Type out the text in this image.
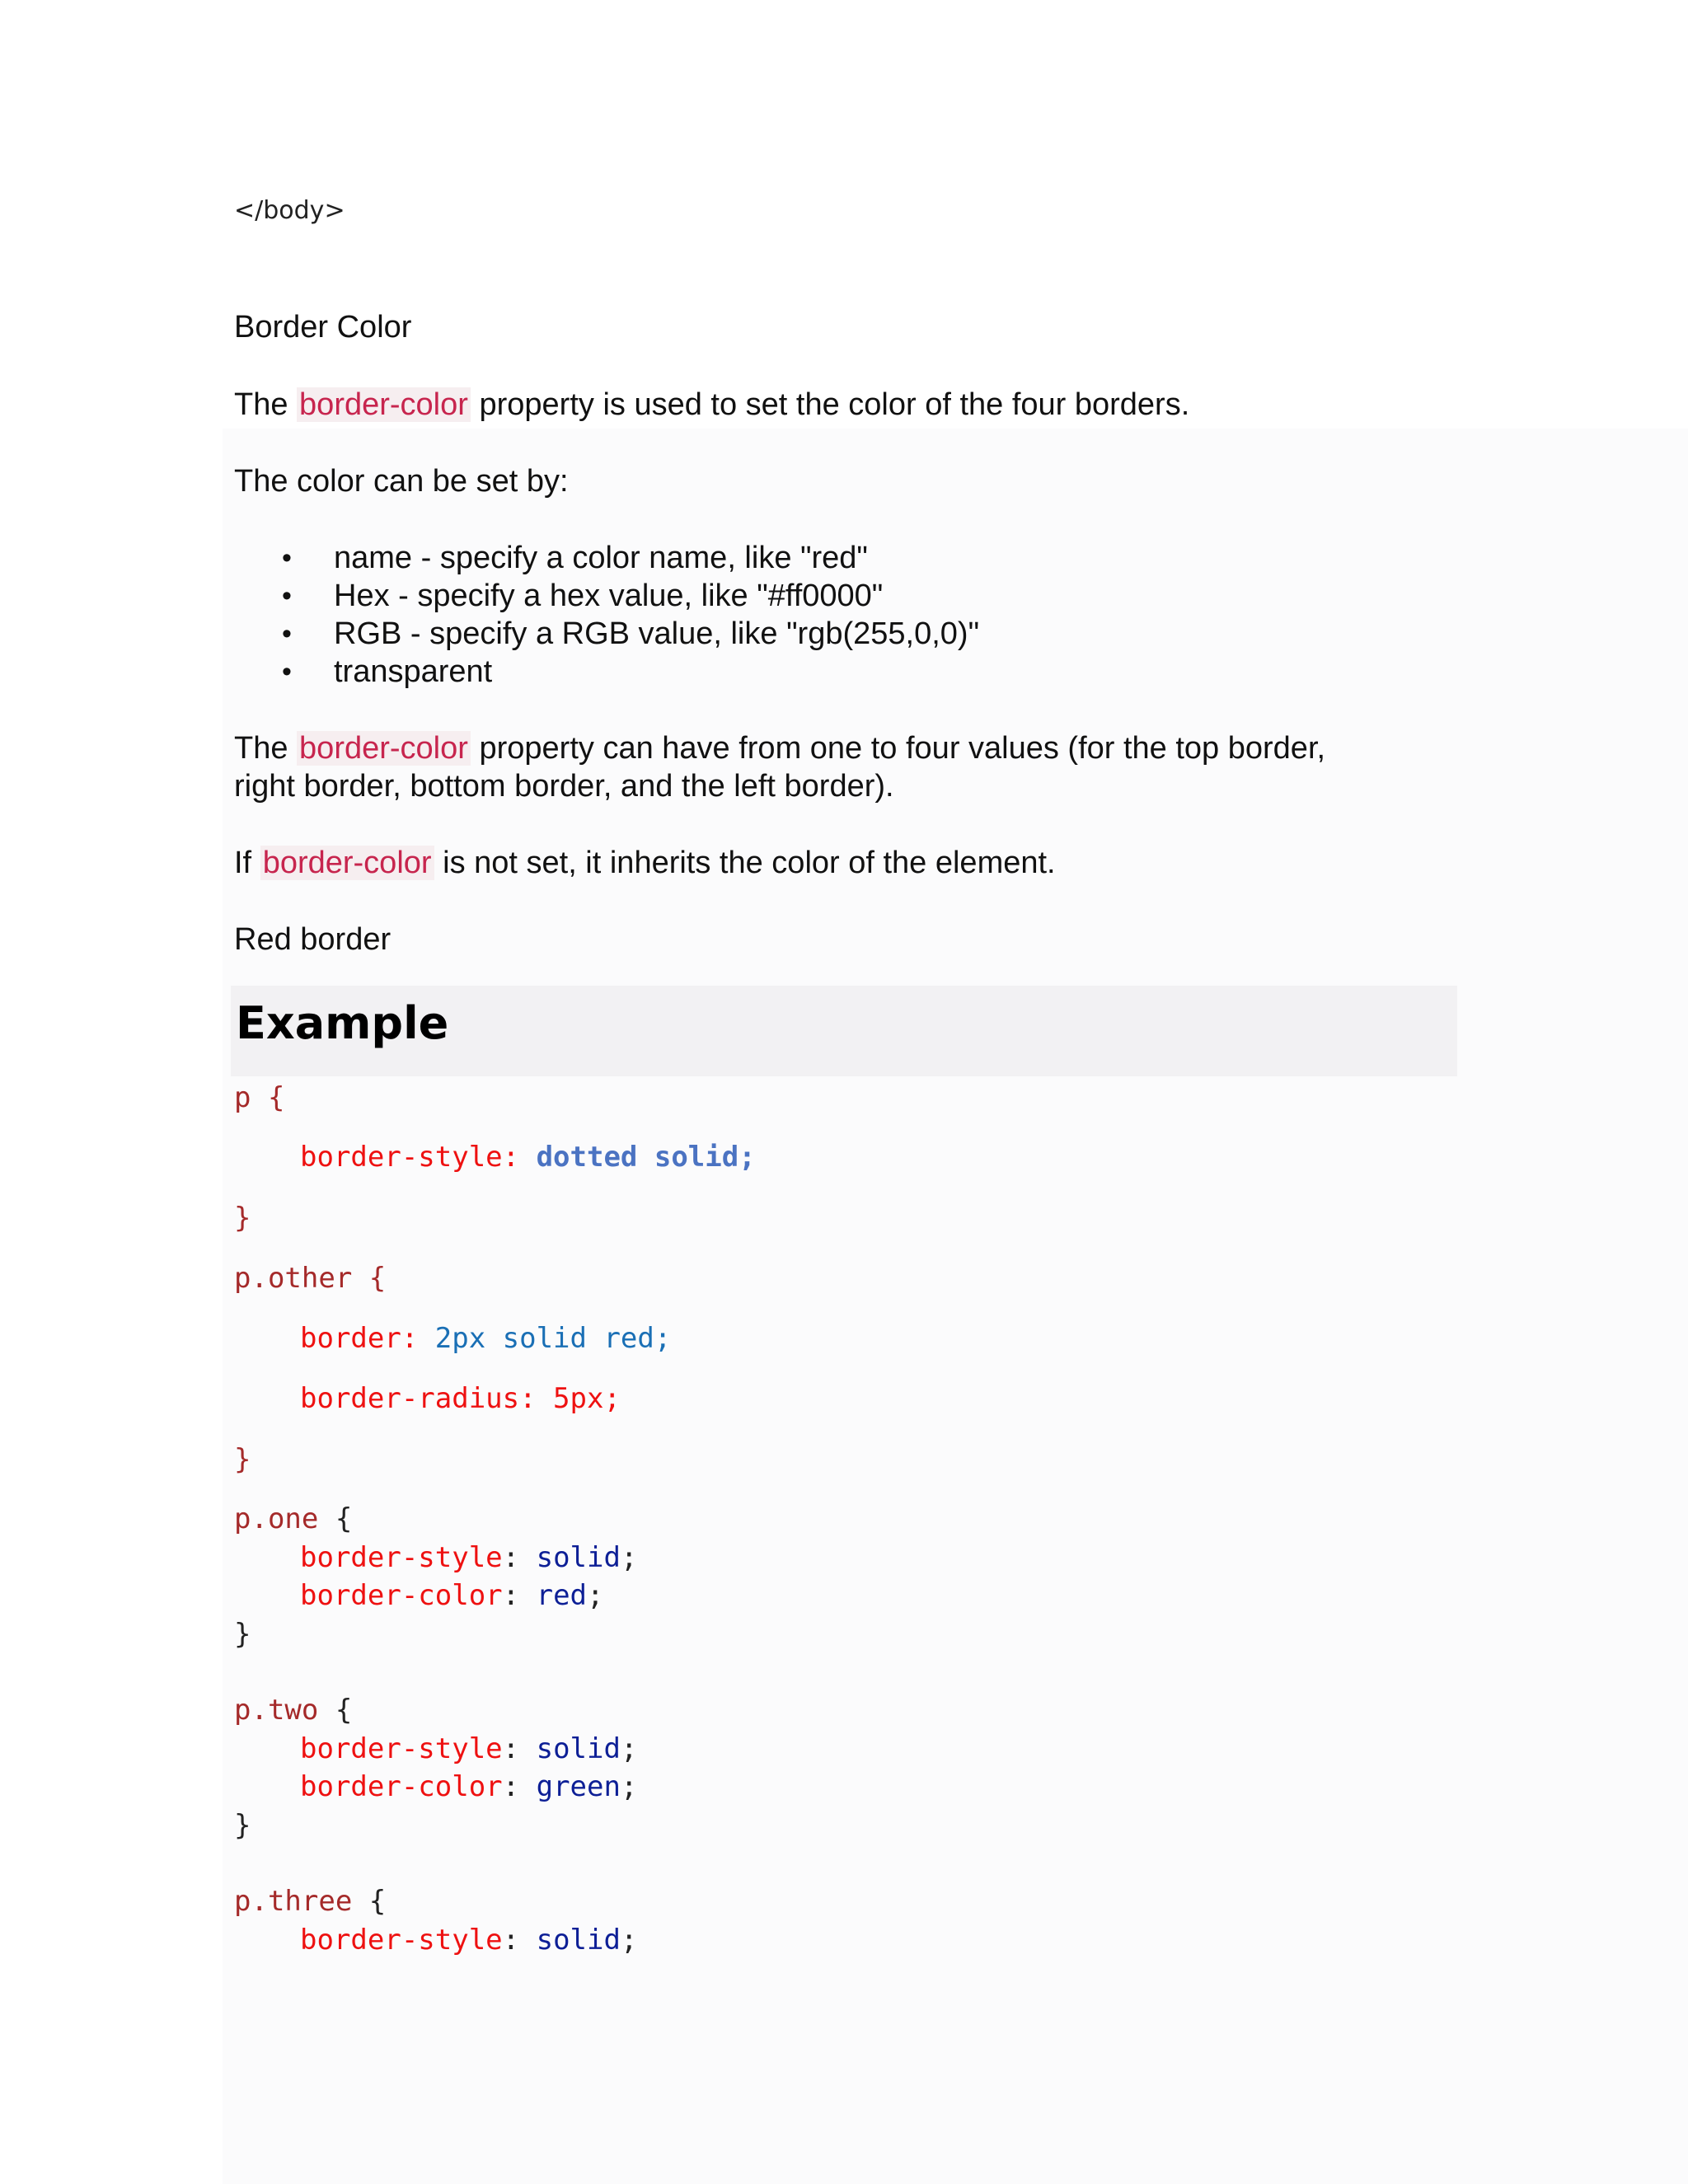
</body>
Border Color
The border-color property is used to set the color of the four borders.
The color can be set by:
• name - specify a color name, like "red"
• Hex - specify a hex value, like "#ff0000"
• RGB - specify a RGB value, like "rgb(255,0,0)"
• transparent
The border-color property can have from one to four values (for the top border,
right border, bottom border, and the left border).
If border-color is not set, it inherits the color of the element.
Red border
Example
p {
border-style: dotted solid;
}
p.other {
border: 2px solid red;
border-radius: 5px;
}
p.one {
border-style: solid;
border-color: red;
}
p.two {
border-style: solid;
border-color: green;
}
p.three {
border-style: solid;
